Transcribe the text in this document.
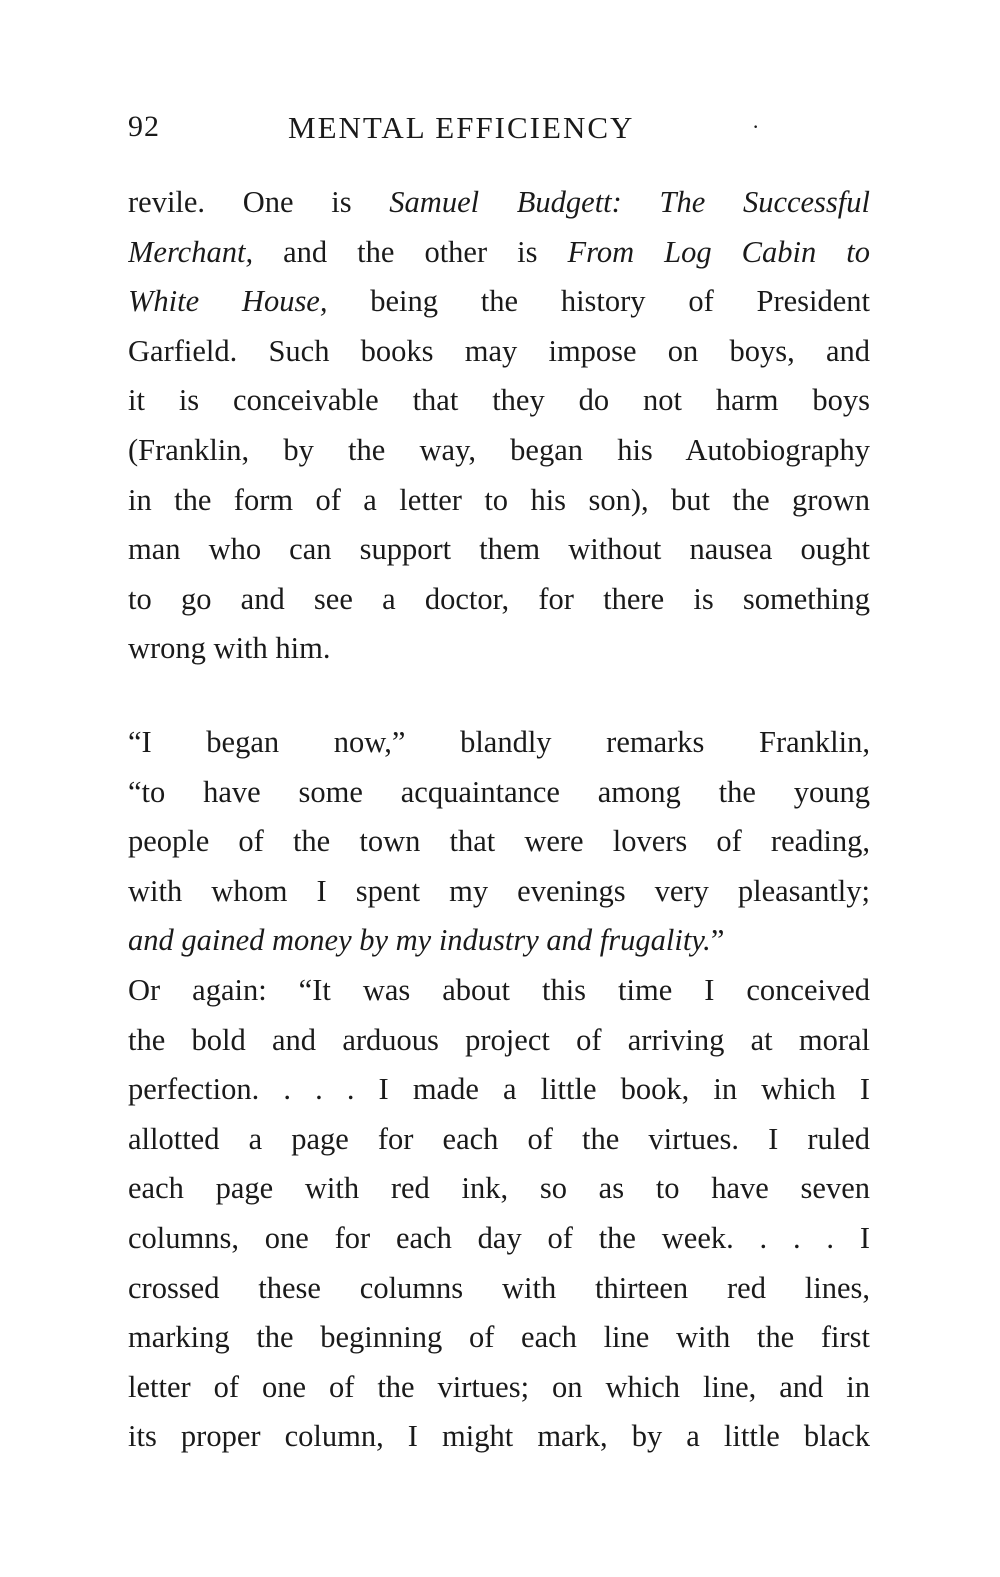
92	MENTAL EFFICIENCY	·
revile. One is Samuel Budgett: The Successful
Merchant, and the other is From Log Cabin to
White House, being the history of President
Garfield. Such books may impose on boys, and
it is conceivable that they do not harm boys
(Franklin, by the way, began his Autobiography
in the form of a letter to his son), but the grown
man who can support them without nausea ought
to go and see a doctor, for there is something
wrong with him.
“I began now,” blandly remarks Franklin,
“to have some acquaintance among the young
people of the town that were lovers of reading,
with whom I spent my evenings very pleasantly;
and gained money by my industry and frugality.”
Or again: “It was about this time I conceived
the bold and arduous project of arriving at moral
perfection. . . . I made a little book, in which I
allotted a page for each of the virtues. I ruled
each page with red ink, so as to have seven
columns, one for each day of the week. . . . I
crossed these columns with thirteen red lines,
marking the beginning of each line with the first
letter of one of the virtues; on which line, and in
its proper column, I might mark, by a little black
